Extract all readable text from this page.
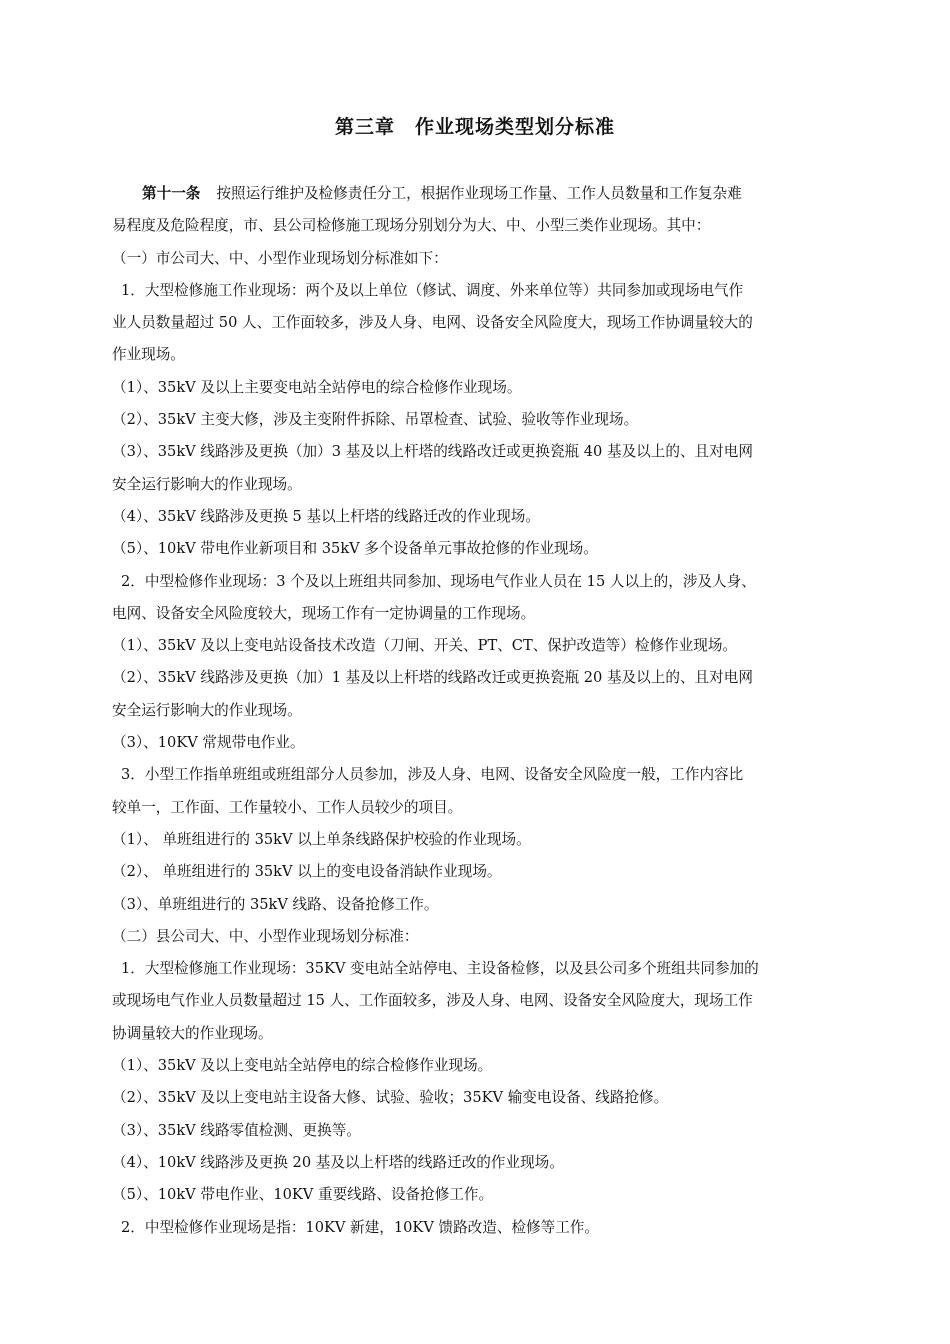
第三章　作业现场类型划分标准
第十一条 按照运行维护及检修责任分工，根据作业现场工作量、工作人员数量和工作复杂难
易程度及危险程度，市、县公司检修施工现场分别划分为大、中、小型三类作业现场。其中：
（一）市公司大、中、小型作业现场划分标准如下：
1．大型检修施工作业现场：两个及以上单位（修试、调度、外来单位等）共同参加或现场电气作
业人员数量超过 50 人、工作面较多，涉及人身、电网、设备安全风险度大，现场工作协调量较大的
作业现场。
（1）、35kV 及以上主要变电站全站停电的综合检修作业现场。
（2）、35kV 主变大修，涉及主变附件拆除、吊罩检查、试验、验收等作业现场。
（3）、35kV 线路涉及更换（加）3 基及以上杆塔的线路改迁或更换瓷瓶 40 基及以上的、且对电网
安全运行影响大的作业现场。
（4）、35kV 线路涉及更换 5 基以上杆塔的线路迁改的作业现场。
（5）、10kV 带电作业新项目和 35kV 多个设备单元事故抢修的作业现场。
2．中型检修作业现场：3 个及以上班组共同参加、现场电气作业人员在 15 人以上的，涉及人身、
电网、设备安全风险度较大，现场工作有一定协调量的工作现场。
（1）、35kV 及以上变电站设备技术改造（刀闸、开关、PT、CT、保护改造等）检修作业现场。
（2）、35kV 线路涉及更换（加）1 基及以上杆塔的线路改迁或更换瓷瓶 20 基及以上的、且对电网
安全运行影响大的作业现场。
（3）、10KV 常规带电作业。
3．小型工作指单班组或班组部分人员参加，涉及人身、电网、设备安全风险度一般，工作内容比
较单一，工作面、工作量较小、工作人员较少的项目。
（1）、 单班组进行的 35kV 以上单条线路保护校验的作业现场。
（2）、 单班组进行的 35kV 以上的变电设备消缺作业现场。
（3）、单班组进行的 35kV 线路、设备抢修工作。
（二）县公司大、中、小型作业现场划分标准：
1．大型检修施工作业现场：35KV 变电站全站停电、主设备检修，以及县公司多个班组共同参加的
或现场电气作业人员数量超过 15 人、工作面较多，涉及人身、电网、设备安全风险度大，现场工作
协调量较大的作业现场。
（1）、35kV 及以上变电站全站停电的综合检修作业现场。
（2）、35kV 及以上变电站主设备大修、试验、验收；35KV 输变电设备、线路抢修。
（3）、35kV 线路零值检测、更换等。
（4）、10kV 线路涉及更换 20 基及以上杆塔的线路迁改的作业现场。
（5）、10kV 带电作业、10KV 重要线路、设备抢修工作。
2．中型检修作业现场是指：10KV 新建，10KV 馈路改造、检修等工作。
